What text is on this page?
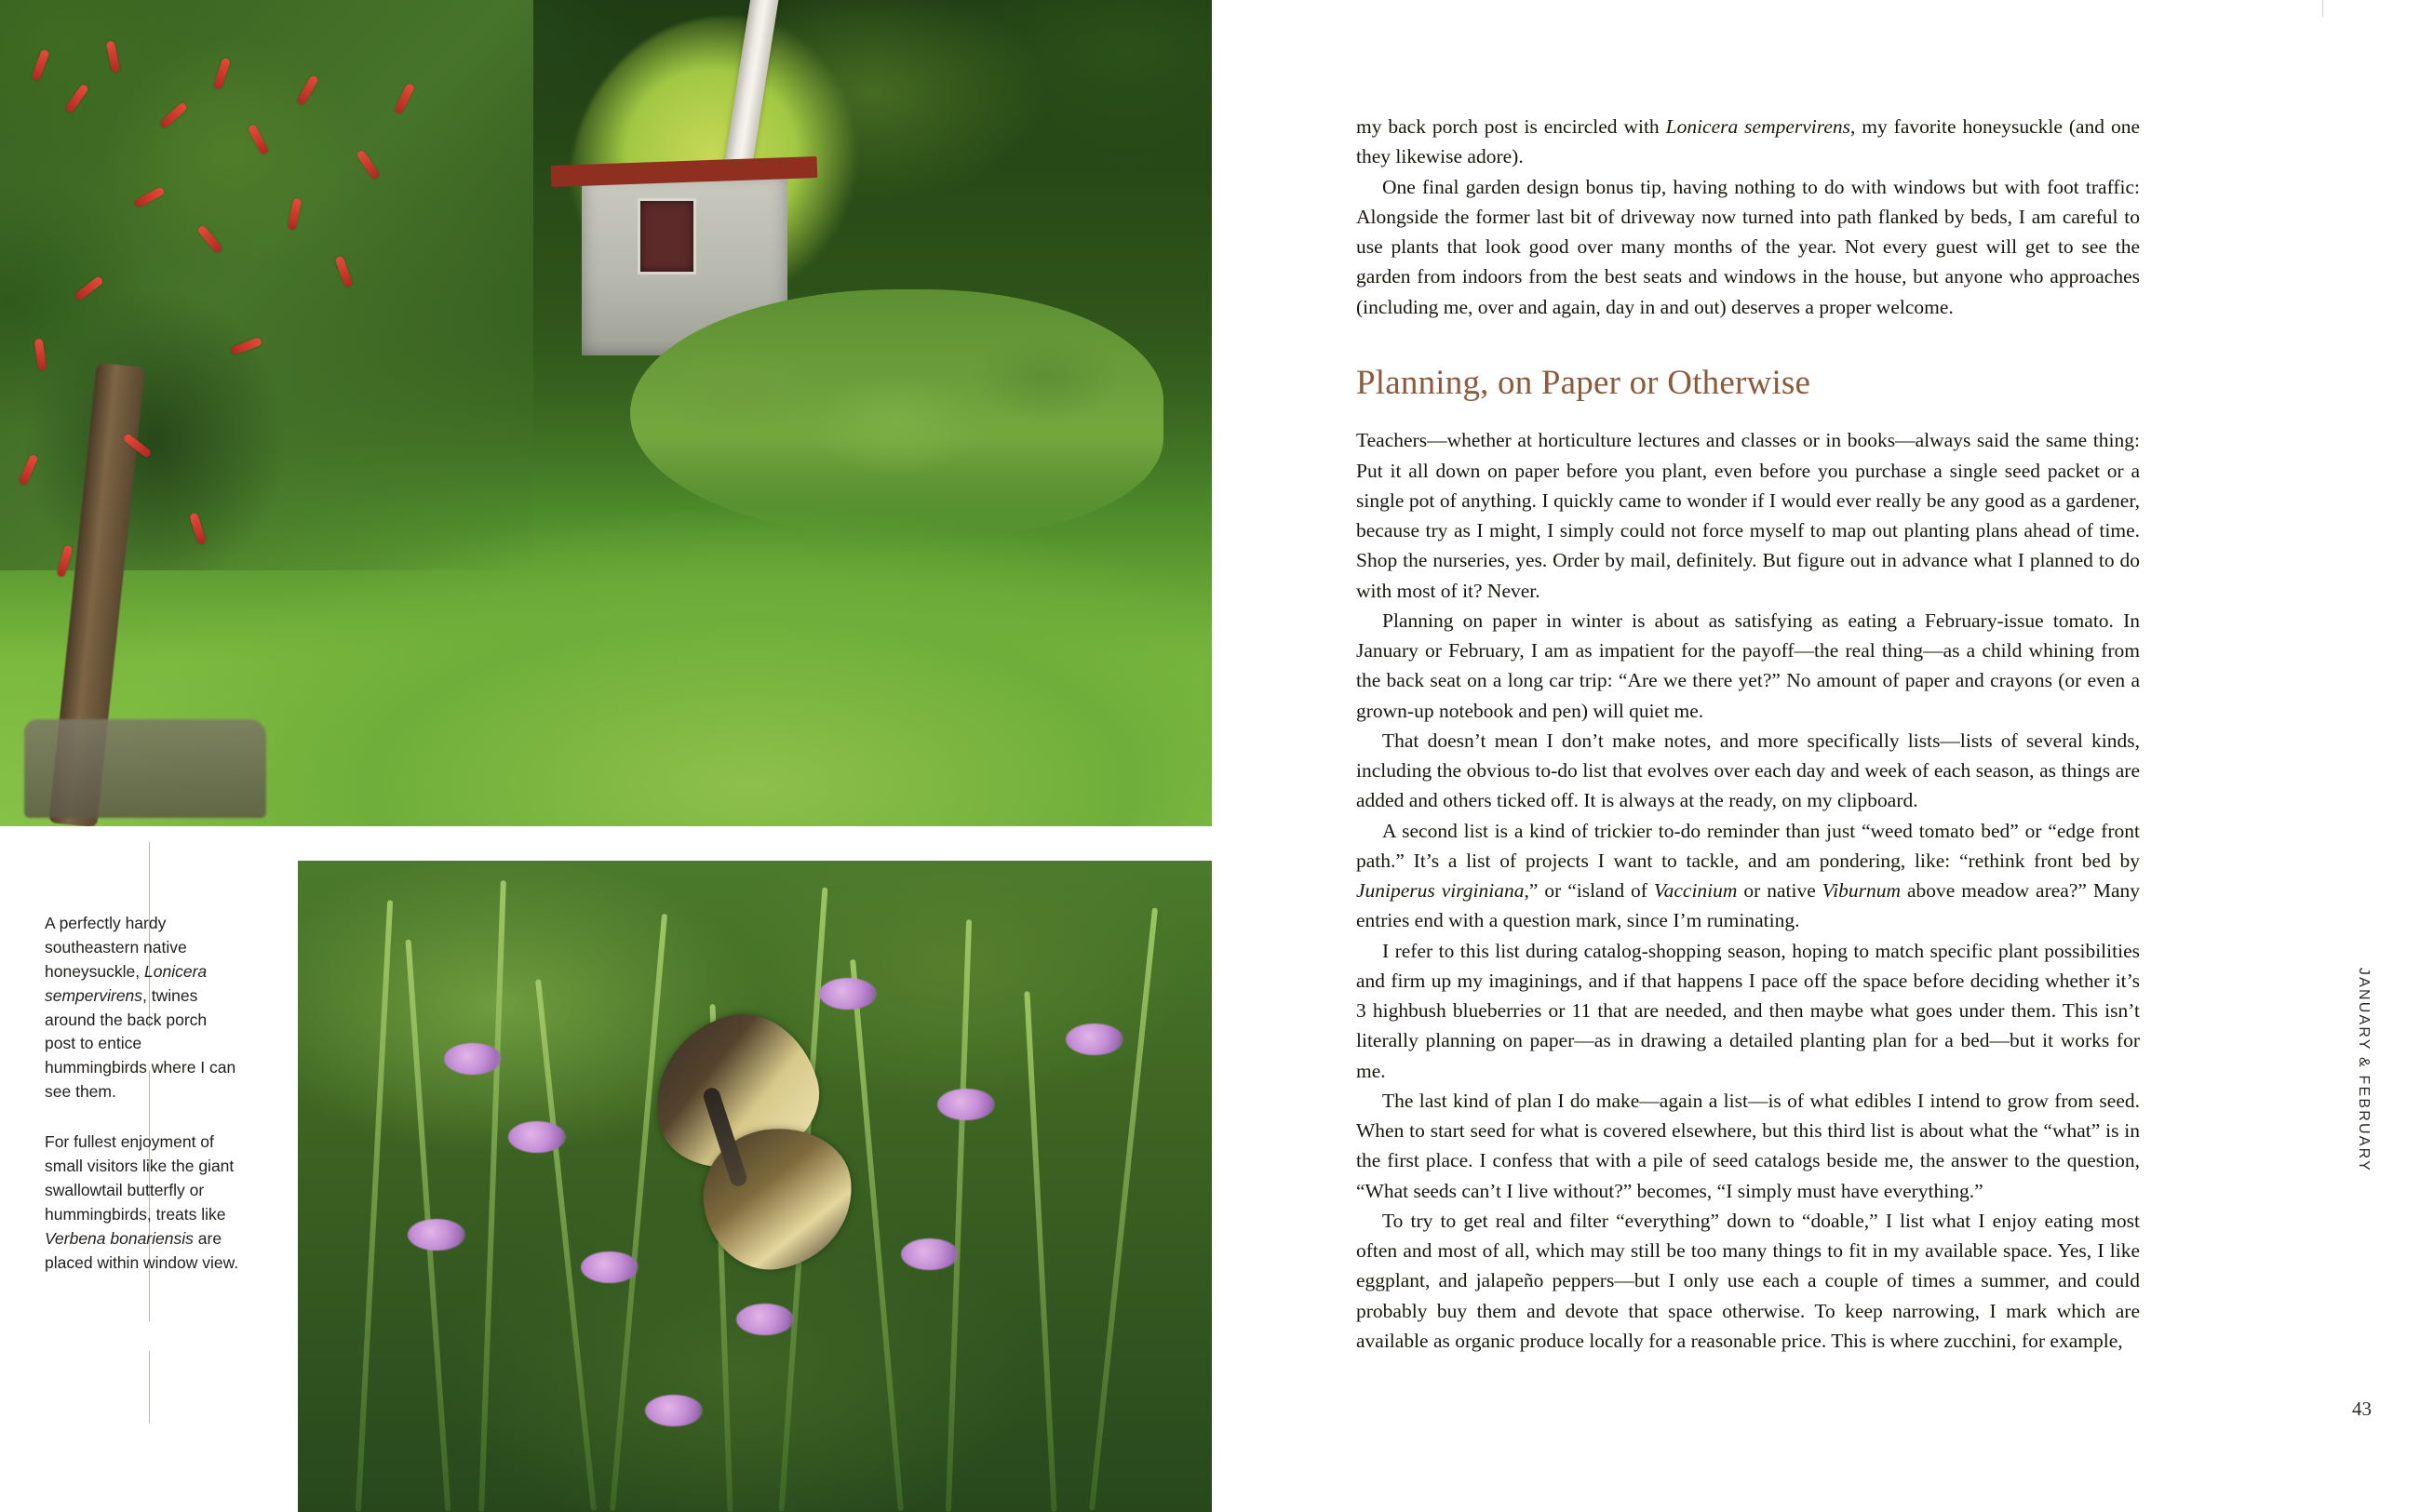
A perfectly hardy southeastern native honeysuckle, Lonicera sempervirens, twines around the back porch post to entice hummingbirds where I can see them.

For fullest enjoyment of small visitors like the giant swallowtail butterfly or hummingbirds, treats like Verbena bonariensis are placed within window view.

my back porch post is encircled with Lonicera sempervirens, my favorite honeysuckle (and one they likewise adore).

One final garden design bonus tip, having nothing to do with windows but with foot traffic: Alongside the former last bit of driveway now turned into path flanked by beds, I am careful to use plants that look good over many months of the year. Not every guest will get to see the garden from indoors from the best seats and windows in the house, but anyone who approaches (including me, over and again, day in and out) deserves a proper welcome.

Planning, on Paper or Otherwise

Teachers—whether at horticulture lectures and classes or in books—always said the same thing: Put it all down on paper before you plant, even before you purchase a single seed packet or a single pot of anything. I quickly came to wonder if I would ever really be any good as a gardener, because try as I might, I simply could not force myself to map out planting plans ahead of time. Shop the nurseries, yes. Order by mail, definitely. But figure out in advance what I planned to do with most of it? Never.

Planning on paper in winter is about as satisfying as eating a February-issue tomato. In January or February, I am as impatient for the payoff—the real thing—as a child whining from the back seat on a long car trip: “Are we there yet?” No amount of paper and crayons (or even a grown-up notebook and pen) will quiet me.

That doesn’t mean I don’t make notes, and more specifically lists—lists of several kinds, including the obvious to-do list that evolves over each day and week of each season, as things are added and others ticked off. It is always at the ready, on my clipboard.

A second list is a kind of trickier to-do reminder than just “weed tomato bed” or “edge front path.” It’s a list of projects I want to tackle, and am pondering, like: “rethink front bed by Juniperus virginiana,” or “island of Vaccinium or native Viburnum above meadow area?” Many entries end with a question mark, since I’m ruminating.

I refer to this list during catalog-shopping season, hoping to match specific plant possibilities and firm up my imaginings, and if that happens I pace off the space before deciding whether it’s 3 highbush blueberries or 11 that are needed, and then maybe what goes under them. This isn’t literally planning on paper—as in drawing a detailed planting plan for a bed—but it works for me.

The last kind of plan I do make—again a list—is of what edibles I intend to grow from seed. When to start seed for what is covered elsewhere, but this third list is about what the “what” is in the first place. I confess that with a pile of seed catalogs beside me, the answer to the question, “What seeds can’t I live without?” becomes, “I simply must have everything.”

To try to get real and filter “everything” down to “doable,” I list what I enjoy eating most often and most of all, which may still be too many things to fit in my available space. Yes, I like eggplant, and jalapeño peppers—but I only use each a couple of times a summer, and could probably buy them and devote that space otherwise. To keep narrowing, I mark which are available as organic produce locally for a reasonable price. This is where zucchini, for example,

JANUARY & FEBRUARY
43
